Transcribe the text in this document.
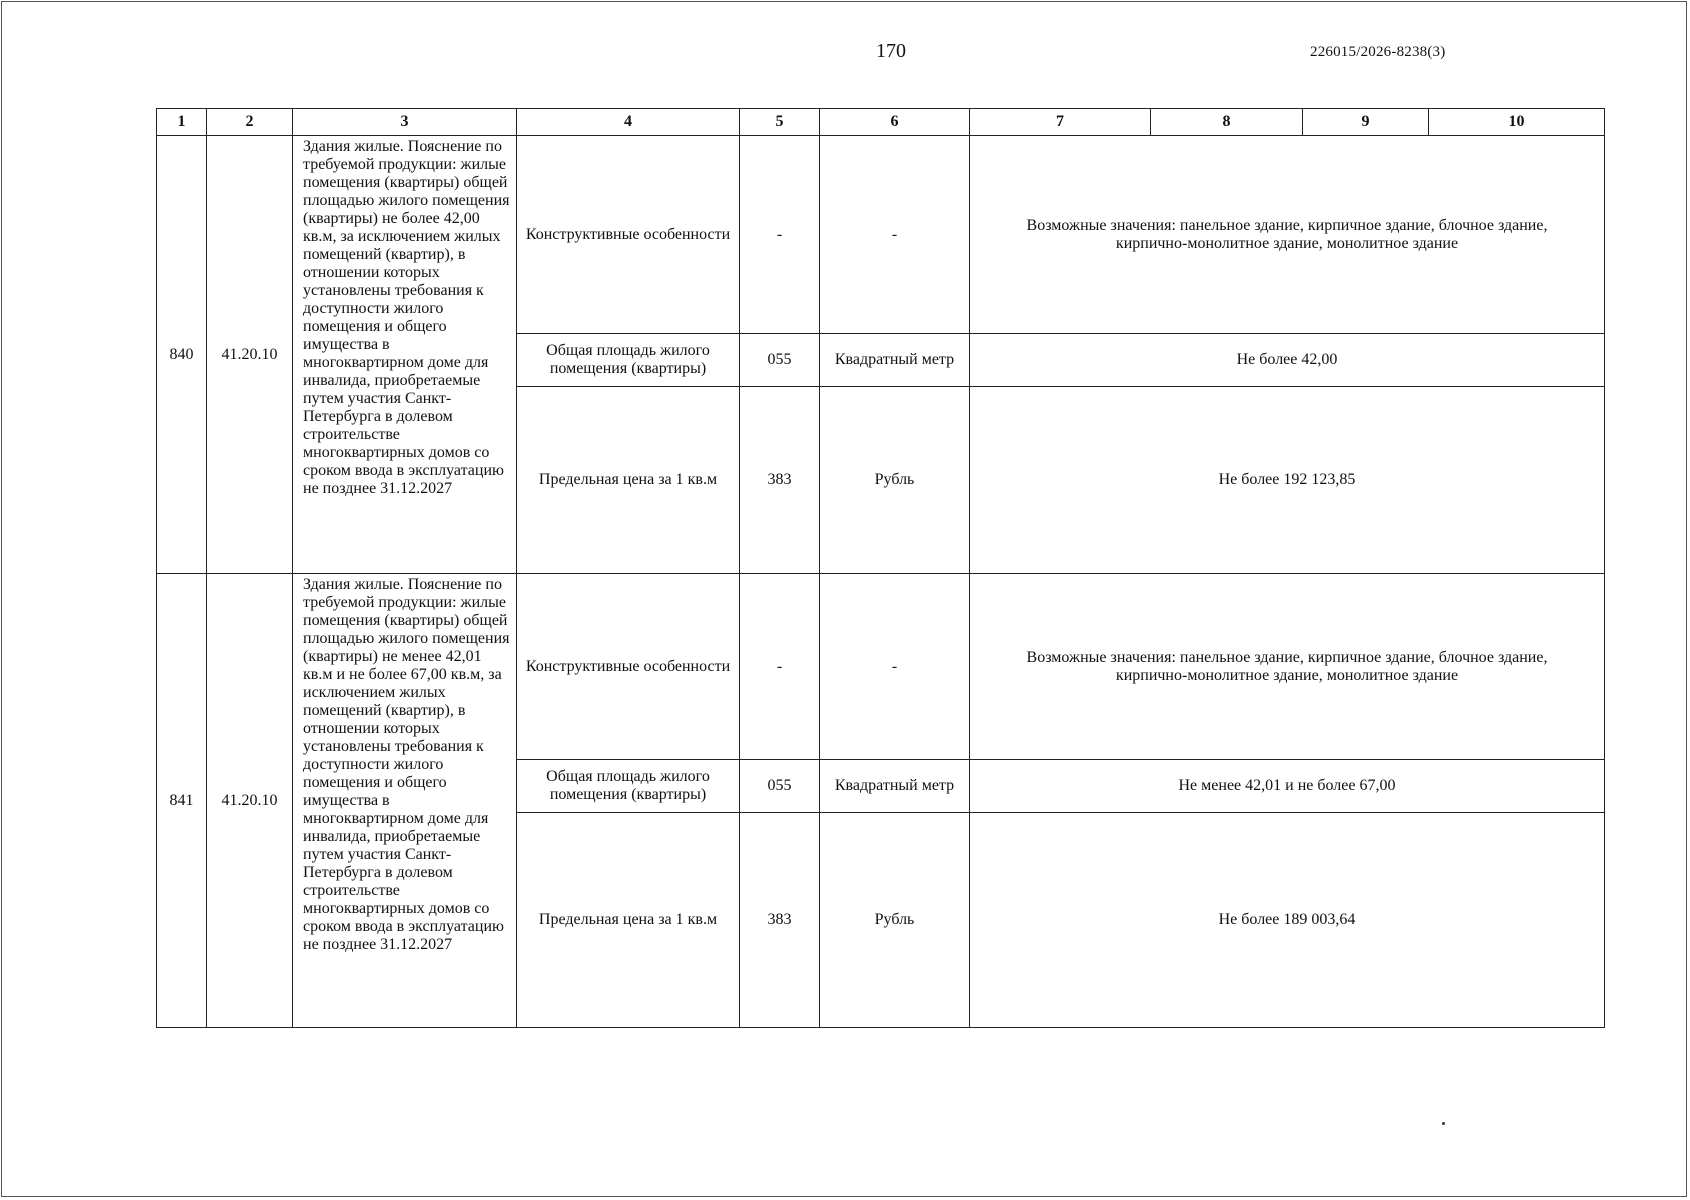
170	226015/2026-8238(3)
1	2	3	4	5	6	7	8	9	10
840	41.20.10	Здания жилые. Пояснение по требуемой продукции: жилые помещения (квартиры) общей площадью жилого помещения (квартиры) не более 42,00 кв.м, за исключением жилых помещений (квартир), в отношении которых установлены требования к доступности жилого помещения и общего имущества в многоквартирном доме для инвалида, приобретаемые путем участия Санкт-Петербурга в долевом строительстве многоквартирных домов со сроком ввода в эксплуатацию не позднее 31.12.2027	Конструктивные особенности	-	-	Возможные значения: панельное здание, кирпичное здание, блочное здание, кирпично-монолитное здание, монолитное здание			
			Общая площадь жилого помещения (квартиры)	055	Квадратный метр	Не более 42,00			
			Предельная цена за 1 кв.м	383	Рубль	Не более 192 123,85			
841	41.20.10	Здания жилые. Пояснение по требуемой продукции: жилые помещения (квартиры) общей площадью жилого помещения (квартиры) не менее 42,01 кв.м и не более 67,00 кв.м, за исключением жилых помещений (квартир), в отношении которых установлены требования к доступности жилого помещения и общего имущества в многоквартирном доме для инвалида, приобретаемые путем участия Санкт-Петербурга в долевом строительстве многоквартирных домов со сроком ввода в эксплуатацию не позднее 31.12.2027	Конструктивные особенности	-	-	Возможные значения: панельное здание, кирпичное здание, блочное здание, кирпично-монолитное здание, монолитное здание			
			Общая площадь жилого помещения (квартиры)	055	Квадратный метр	Не менее 42,01 и не более 67,00			
			Предельная цена за 1 кв.м	383	Рубль	Не более 189 003,64			
